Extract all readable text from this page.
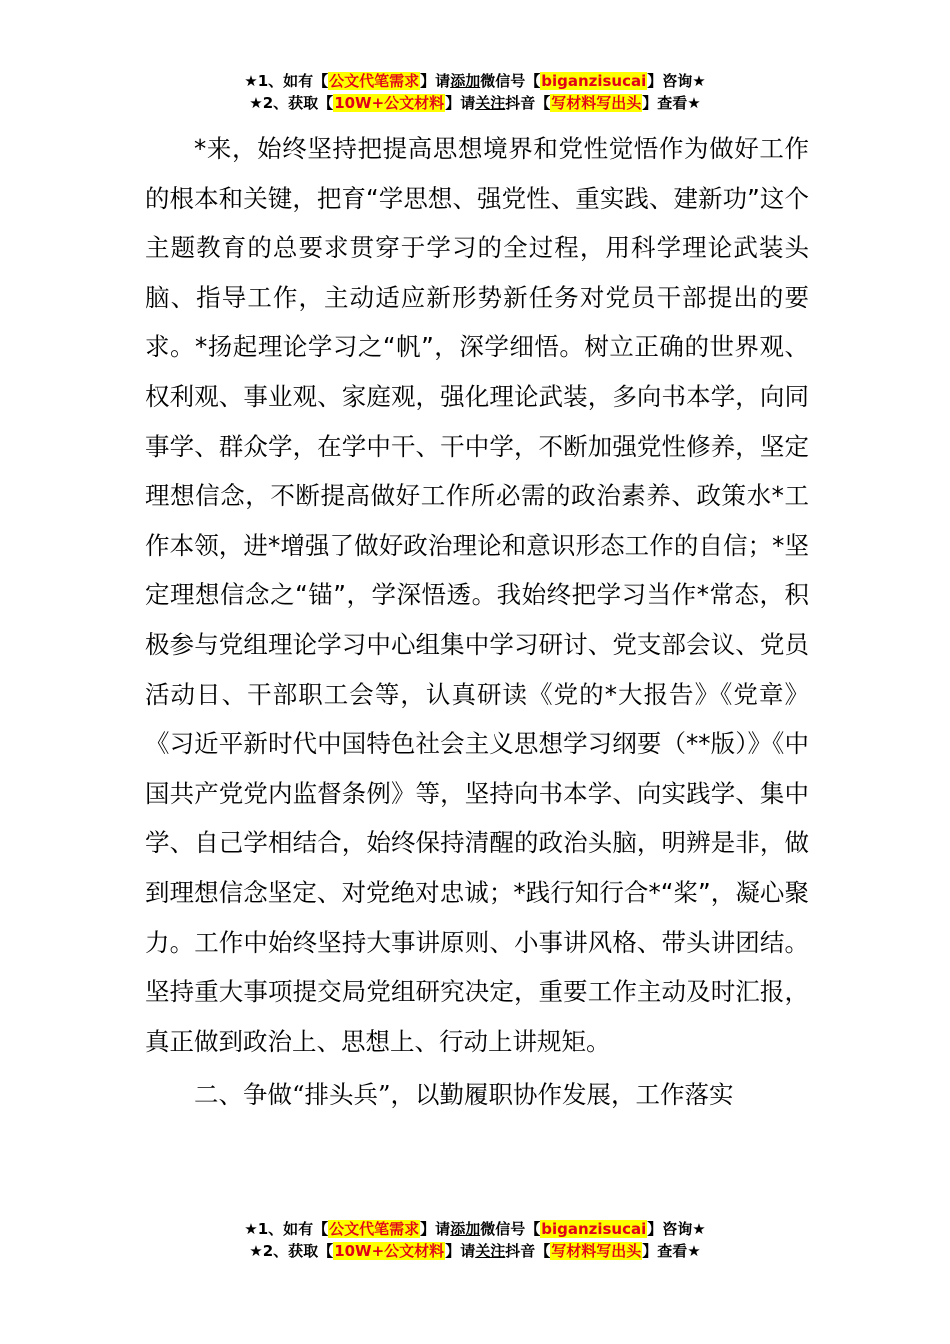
★1、如有【公文代笔需求】请添加微信号【biganzisucai】咨询★
★2、获取【10W+公文材料】请关注抖音【写材料写出头】查看★

*来，始终坚持把提高思想境界和党性觉悟作为做好工作的根本和关键，把育“学思想、强党性、重实践、建新功”这个主题教育的总要求贯穿于学习的全过程，用科学理论武装头脑、指导工作，主动适应新形势新任务对党员干部提出的要求。*扬起理论学习之“帆”，深学细悟。树立正确的世界观、权利观、事业观、家庭观，强化理论武装，多向书本学，向同事学、群众学，在学中干、干中学，不断加强党性修养，坚定理想信念，不断提高做好工作所必需的政治素养、政策水*工作本领，进*增强了做好政治理论和意识形态工作的自信；*坚定理想信念之“锚”，学深悟透。我始终把学习当作*常态，积极参与党组理论学习中心组集中学习研讨、党支部会议、党员活动日、干部职工会等，认真研读《党的*大报告》《党章》《习近平新时代中国特色社会主义思想学习纲要（**版）》《中国共产党党内监督条例》等，坚持向书本学、向实践学、集中学、自己学相结合，始终保持清醒的政治头脑，明辨是非，做到理想信念坚定、对党绝对忠诚；*践行知行合*“桨”，凝心聚力。工作中始终坚持大事讲原则、小事讲风格、带头讲团结。坚持重大事项提交局党组研究决定，重要工作主动及时汇报，真正做到政治上、思想上、行动上讲规矩。

二、争做“排头兵”，以勤履职协作发展，工作落实

★1、如有【公文代笔需求】请添加微信号【biganzisucai】咨询★
★2、获取【10W+公文材料】请关注抖音【写材料写出头】查看★
